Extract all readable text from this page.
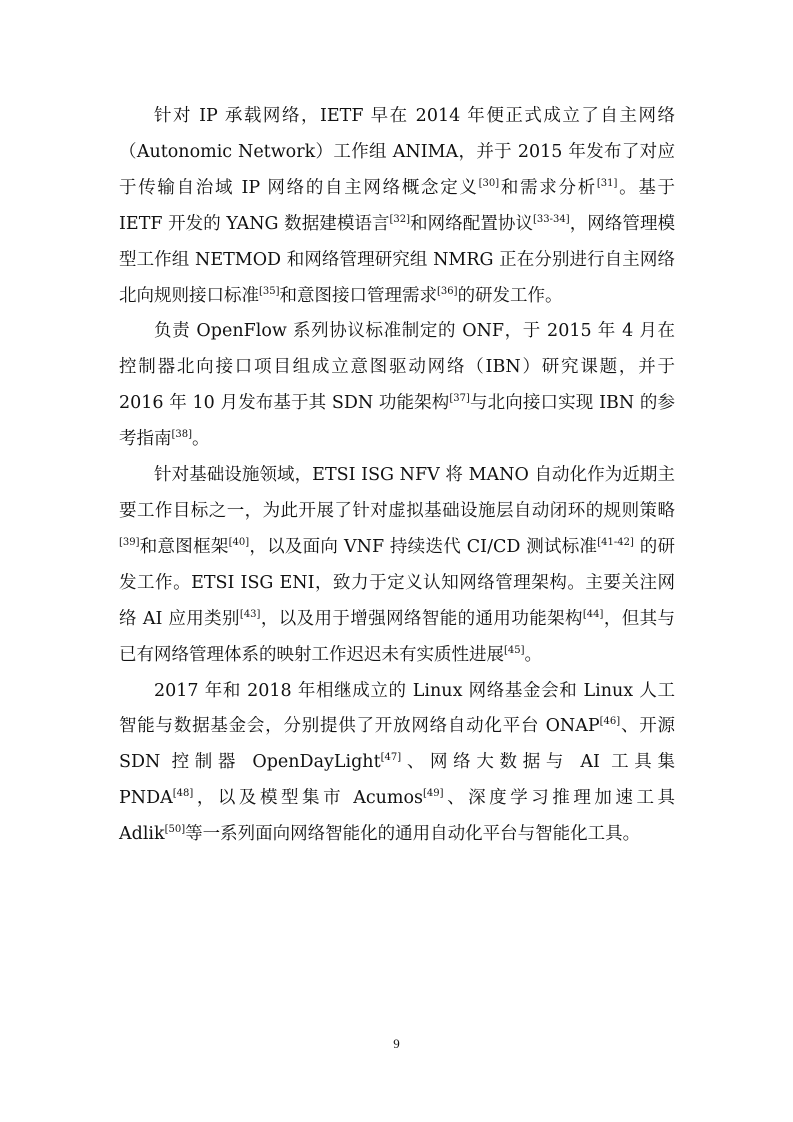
针对 IP 承载网络，IETF 早在 2014 年便正式成立了自主网络（Autonomic Network）工作组 ANIMA，并于 2015 年发布了对应于传输自治域 IP 网络的自主网络概念定义[30]和需求分析[31]。基于 IETF 开发的 YANG 数据建模语言[32]和网络配置协议[33-34]，网络管理模型工作组 NETMOD 和网络管理研究组 NMRG 正在分别进行自主网络北向规则接口标准[35]和意图接口管理需求[36]的研发工作。

负责 OpenFlow 系列协议标准制定的 ONF，于 2015 年 4 月在控制器北向接口项目组成立意图驱动网络（IBN）研究课题，并于 2016 年 10 月发布基于其 SDN 功能架构[37]与北向接口实现 IBN 的参考指南[38]。

针对基础设施领域，ETSI ISG NFV 将 MANO 自动化作为近期主要工作目标之一，为此开展了针对虚拟基础设施层自动闭环的规则策略[39]和意图框架[40]，以及面向 VNF 持续迭代 CI/CD 测试标准[41-42] 的研发工作。ETSI ISG ENI，致力于定义认知网络管理架构。主要关注网络 AI 应用类别[43]，以及用于增强网络智能的通用功能架构[44]，但其与已有网络管理体系的映射工作迟迟未有实质性进展[45]。

2017 年和 2018 年相继成立的 Linux 网络基金会和 Linux 人工智能与数据基金会，分别提供了开放网络自动化平台 ONAP[46]、开源 SDN 控制器 OpenDayLight[47]、网络大数据与 AI 工具集 PNDA[48]，以及模型集市 Acumos[49]、深度学习推理加速工具 Adlik[50]等一系列面向网络智能化的通用自动化平台与智能化工具。

9
